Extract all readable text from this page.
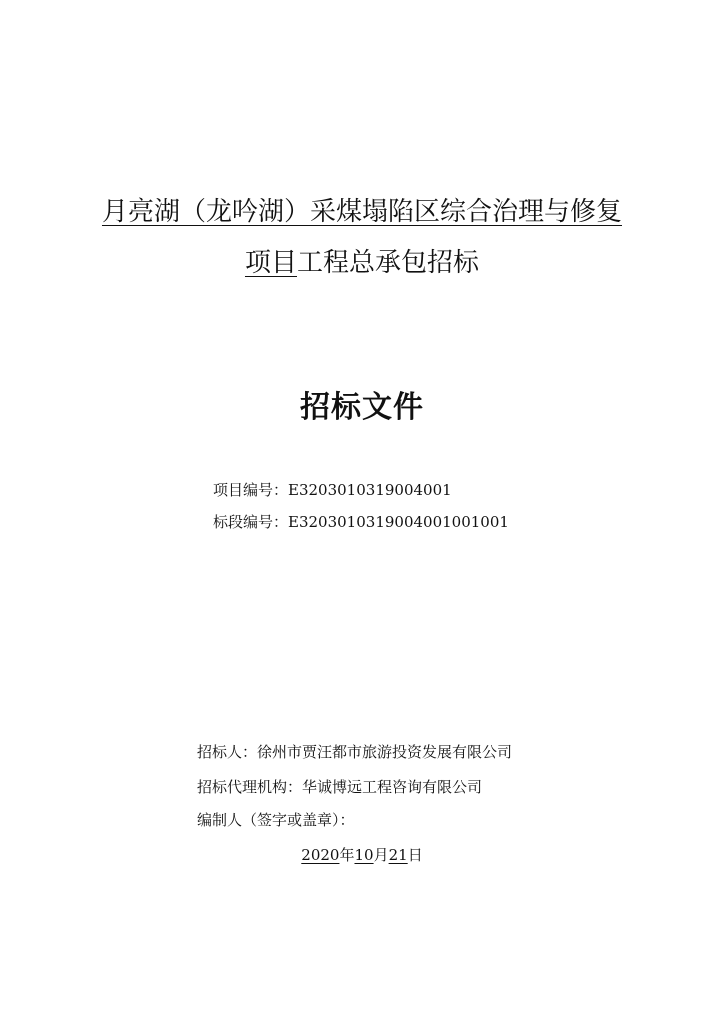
月亮湖（龙吟湖）采煤塌陷区综合治理与修复
项目工程总承包招标
招标文件
项目编号：E3203010319004001
标段编号：E3203010319004001001001
招标人：徐州市贾汪都市旅游投资发展有限公司
招标代理机构：华诚博远工程咨询有限公司
编制人（签字或盖章）：
2020年10月21日
